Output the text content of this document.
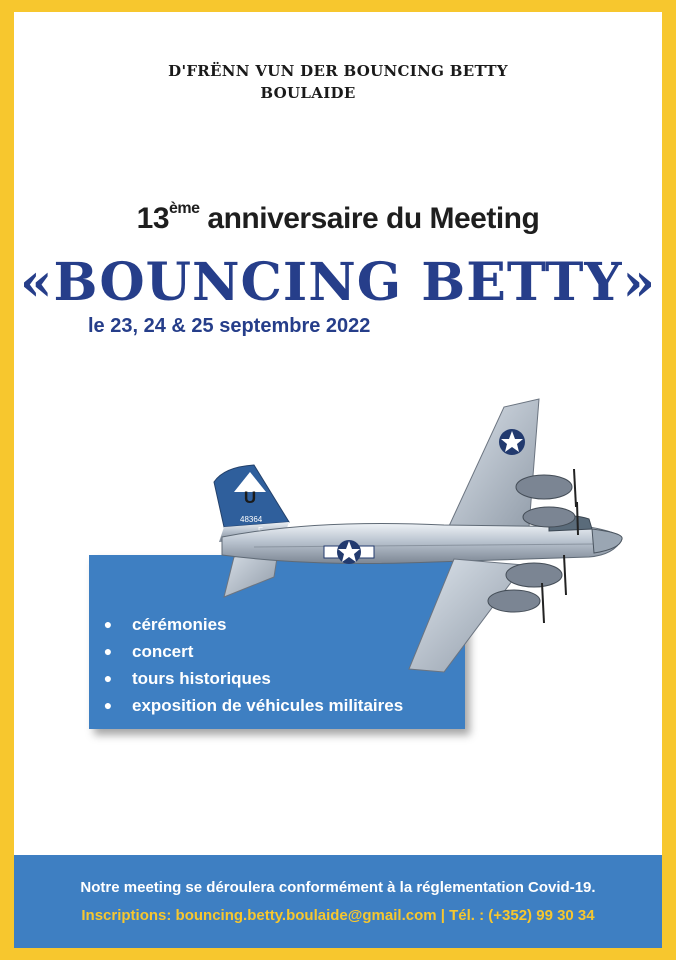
D'FRËNN VUN DER BOUNCING BETTY
BOULAIDE
13ème anniversaire du Meeting
«BOUNCING BETTY»
le 23, 24 & 25 septembre 2022
● cérémonies
● concert
● tours historiques
● exposition de véhicules militaires
U
48364
Notre meeting se déroulera conformément à la réglementation Covid-19.
Inscriptions: bouncing.betty.boulaide@gmail.com | Tél. : (+352) 99 30 34
